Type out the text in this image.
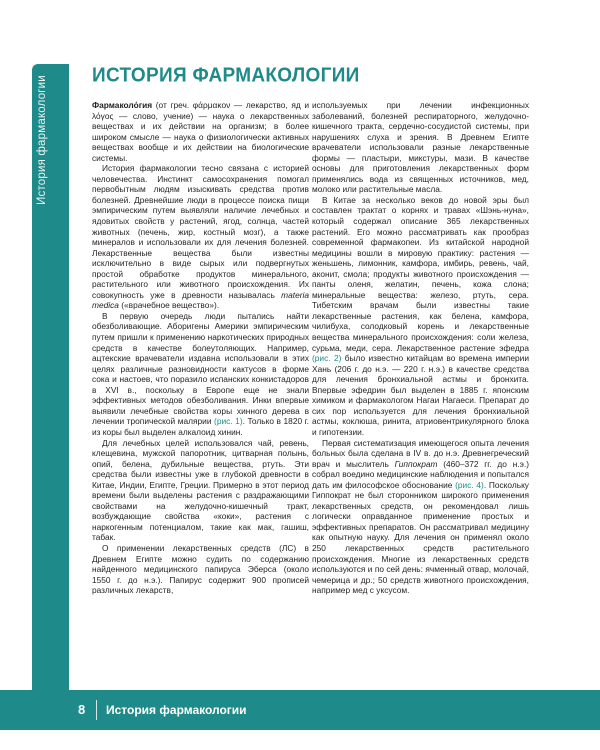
История фармакологии	ИСТОРИЯ ФАРМАКОЛОГИИ

Фармаколо́гия (от греч. φάρμακον — лекарство, яд и λόγος — слово, учение) — наука о лекарственных веществах и их действии на организм; в более широком смысле — наука о физиологически активных веществах вообще и их действии на биологические системы.

История фармакологии тесно связана с историей человечества. Инстинкт самосохранения помогал первобытным людям изыскивать средства против болезней. Древнейшие люди в процессе поиска пищи эмпирическим путем выявляли наличие лечебных и ядовитых свойств у растений, ягод, солнца, частей животных (печень, жир, костный мозг), а также минералов и использовали их для лечения болезней. Лекарственные вещества были известны исключительно в виде сырых или подвергнутых простой обработке продуктов минерального, растительного или животного происхождения. Их совокупность уже в древности называлась materia medica («врачебное вещество»).

В первую очередь люди пытались найти обезболивающие. Аборигены Америки эмпирическим путем пришли к применению наркотических природных средств в качестве болеутоляющих. Например, ацтекские врачеватели издавна использовали в этих целях различные разновидности кактусов в форме сока и настоев, что поразило испанских конкистадоров в XVI в., поскольку в Европе еще не знали эффективных методов обезболивания. Инки впервые выявили лечебные свойства коры хинного дерева в лечении тропической малярии (рис. 1). Только в 1820 г. из коры был выделен алкалоид хинин.

Для лечебных целей использовался чай, ревень, клещевина, мужской папоротник, цитварная полынь, опий, белена, дубильные вещества, ртуть. Эти средства были известны уже в глубокой древности в Китае, Индии, Египте, Греции. Примерно в этот период времени были выделены растения с раздражающими свойствами на желудочно-кишечный тракт, возбуждающие свойства «коки», растения с наркогенным потенциалом, такие как мак, гашиш, табак.

О применении лекарственных средств (ЛС) в Древнем Египте можно судить по содержанию найденного медицинского папируса Эберса (около 1550 г. до н.э.). Папирус содержит 900 прописей различных лекарств,

используемых при лечении инфекционных заболеваний, болезней респираторного, желудочно-кишечного тракта, сердечно-сосудистой системы, при нарушениях слуха и зрения. В Древнем Египте врачеватели использовали разные лекарственные формы — пластыри, микстуры, мази. В качестве основы для приготовления лекарственных форм применялись вода из священных источников, мед, молоко или растительные масла.

В Китае за несколько веков до новой эры был составлен трактат о корнях и травах «Шэнь-нуна», который содержал описание 365 лекарственных растений. Его можно рассматривать как прообраз современной фармакопеи. Из китайской народной медицины вошли в мировую практику: растения — женьшень, лимонник, камфора, имбирь, ревень, чай, аконит, смола; продукты животного происхождения — панты оленя, желатин, печень, кожа слона; минеральные вещества: железо, ртуть, сера. Тибетским врачам были известны такие лекарственные растения, как белена, камфора, чилибуха, солодковый корень и лекарственные вещества минерального происхождения: соли железа, сурьма, меди, сера. Лекарственное растение эфедра (рис. 2) было известно китайцам во времена империи Хань (206 г. до н.э. — 220 г. н.э.) в качестве средства для лечения бронхиальной астмы и бронхита. Впервые эфедрин был выделен в 1885 г. японским химиком и фармакологом Нагаи Нагаеси. Препарат до сих пор используется для лечения бронхиальной астмы, коклюша, ринита, атриовентрикулярного блока и гипотензии.

Первая систематизация имеющегося опыта лечения больных была сделана в IV в. до н.э. Древнегреческий врач и мыслитель Гиппократ (460–372 гг. до н.э.) собрал воедино медицинские наблюдения и попытался дать им философское обоснование (рис. 4). Поскольку Гиппократ не был сторонником широкого применения лекарственных средств, он рекомендовал лишь логически оправданное применение простых и эффективных препаратов. Он рассматривал медицину как опытную науку. Для лечения он применял около 250 лекарственных средств растительного происхождения. Многие из лекарственных средств используются и по сей день: ячменный отвар, молочай, чемерица и др.; 50 средств животного происхождения, например мед с уксусом.

8 История фармакологии
